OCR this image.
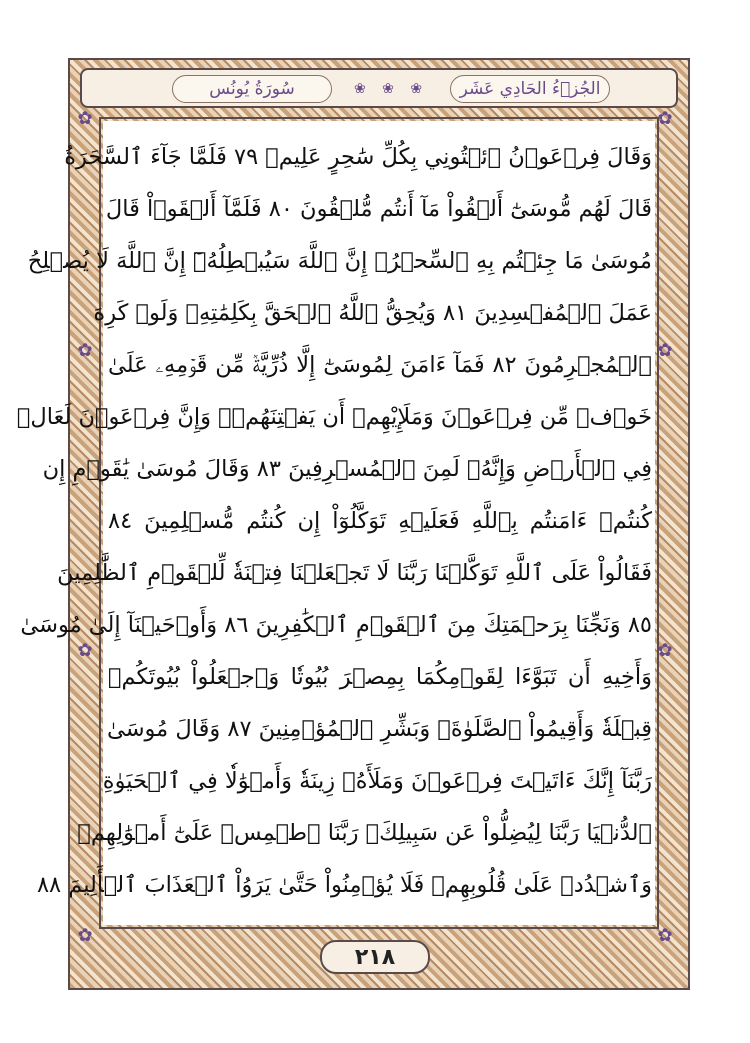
✿	✿
✿	✿
✿	✿
✿	✿
الجُزۡءُ الحَادِي عَشَر
❀ ❀ ❀
سُورَةُ يُونُس
وَقَالَ فِرۡعَوۡنُ ٱئۡتُونِي بِكُلِّ سَٰحِرٍ عَلِيمٖ ٧٩ فَلَمَّا جَآءَ ٱلسَّحَرَةُ
قَالَ لَهُم مُّوسَىٰٓ أَلۡقُواْ مَآ أَنتُم مُّلۡقُونَ ٨٠ فَلَمَّآ أَلۡقَوۡاْ قَالَ
مُوسَىٰ مَا جِئۡتُم بِهِ ٱلسِّحۡرُۖ إِنَّ ٱللَّهَ سَيُبۡطِلُهُۥٓ إِنَّ ٱللَّهَ لَا يُصۡلِحُ
عَمَلَ ٱلۡمُفۡسِدِينَ ٨١ وَيُحِقُّ ٱللَّهُ ٱلۡحَقَّ بِكَلِمَٰتِهِۦ وَلَوۡ كَرِهَ
ٱلۡمُجۡرِمُونَ ٨٢ فَمَآ ءَامَنَ لِمُوسَىٰٓ إِلَّا ذُرِّيَّةٞ مِّن قَوۡمِهِۦ عَلَىٰ
خَوۡفٖ مِّن فِرۡعَوۡنَ وَمَلَإِيْهِمۡ أَن يَفۡتِنَهُمۡۚ وَإِنَّ فِرۡعَوۡنَ لَعَالٖ
فِي ٱلۡأَرۡضِ وَإِنَّهُۥ لَمِنَ ٱلۡمُسۡرِفِينَ ٨٣ وَقَالَ مُوسَىٰ يَٰقَوۡمِ إِن
كُنتُمۡ ءَامَنتُم بِٱللَّهِ فَعَلَيۡهِ تَوَكَّلُوٓاْ إِن كُنتُم مُّسۡلِمِينَ ٨٤
فَقَالُواْ عَلَى ٱللَّهِ تَوَكَّلۡنَا رَبَّنَا لَا تَجۡعَلۡنَا فِتۡنَةٗ لِّلۡقَوۡمِ ٱلظَّٰلِمِينَ
٨٥ وَنَجِّنَا بِرَحۡمَتِكَ مِنَ ٱلۡقَوۡمِ ٱلۡكَٰفِرِينَ ٨٦ وَأَوۡحَيۡنَآ إِلَىٰ مُوسَىٰ
وَأَخِيهِ أَن تَبَوَّءَا لِقَوۡمِكُمَا بِمِصۡرَ بُيُوتٗا وَٱجۡعَلُواْ بُيُوتَكُمۡ
قِبۡلَةٗ وَأَقِيمُواْ ٱلصَّلَوٰةَۗ وَبَشِّرِ ٱلۡمُؤۡمِنِينَ ٨٧ وَقَالَ مُوسَىٰ
رَبَّنَآ إِنَّكَ ءَاتَيۡتَ فِرۡعَوۡنَ وَمَلَأَهُۥ زِينَةٗ وَأَمۡوَٰلٗا فِي ٱلۡحَيَوٰةِ
ٱلدُّنۡيَا رَبَّنَا لِيُضِلُّواْ عَن سَبِيلِكَۖ رَبَّنَا ٱطۡمِسۡ عَلَىٰٓ أَمۡوَٰلِهِمۡ
وَٱشۡدُدۡ عَلَىٰ قُلُوبِهِمۡ فَلَا يُؤۡمِنُواْ حَتَّىٰ يَرَوُاْ ٱلۡعَذَابَ ٱلۡأَلِيمَ ٨٨
٢١٨
